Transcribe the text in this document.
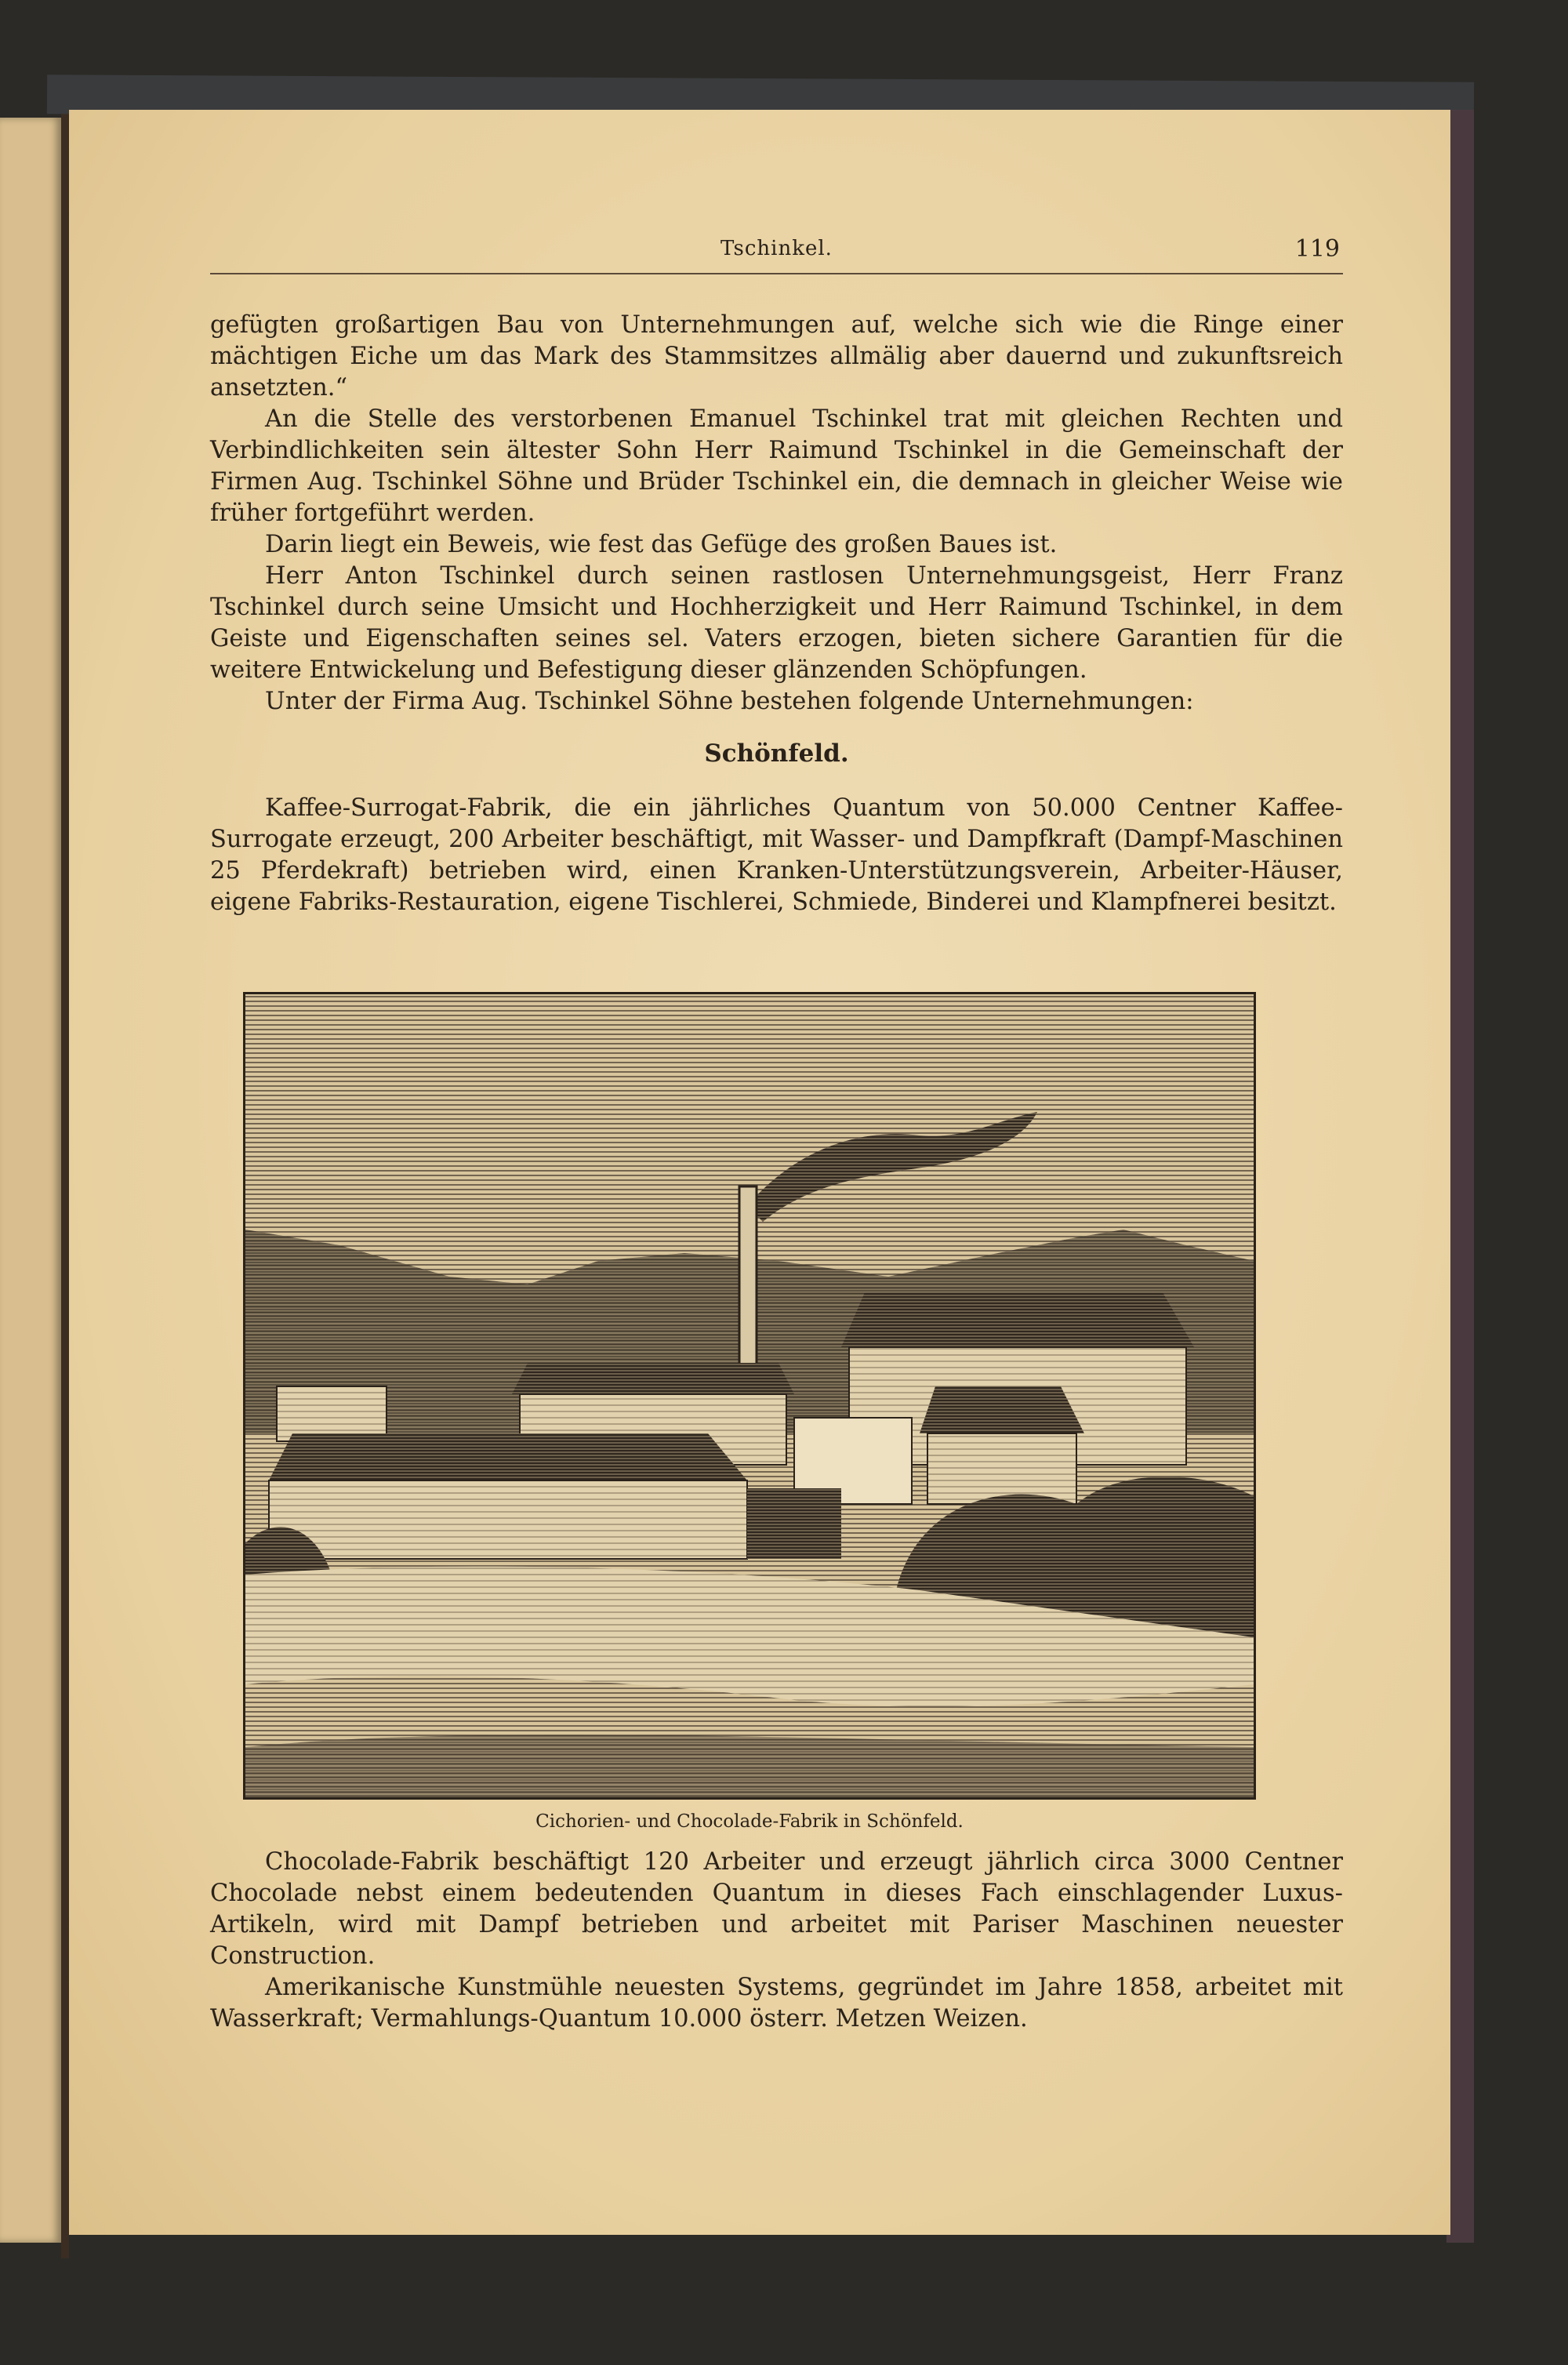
Tschinkel.	119

gefügten großartigen Bau von Unternehmungen auf, welche sich wie die Ringe einer mächtigen Eiche um das Mark des Stammsitzes allmälig aber dauernd und zukunftsreich ansetzten.“

An die Stelle des verstorbenen Emanuel Tschinkel trat mit gleichen Rechten und Verbindlichkeiten sein ältester Sohn Herr Raimund Tschinkel in die Gemeinschaft der Firmen Aug. Tschinkel Söhne und Brüder Tschinkel ein, die demnach in gleicher Weise wie früher fortgeführt werden.

Darin liegt ein Beweis, wie fest das Gefüge des großen Baues ist.

Herr Anton Tschinkel durch seinen rastlosen Unternehmungsgeist, Herr Franz Tschinkel durch seine Umsicht und Hochherzigkeit und Herr Raimund Tschinkel, in dem Geiste und Eigenschaften seines sel. Vaters erzogen, bieten sichere Garantien für die weitere Entwickelung und Befestigung dieser glänzenden Schöpfungen.

Unter der Firma Aug. Tschinkel Söhne bestehen folgende Unternehmungen:

Schönfeld.

Kaffee-Surrogat-Fabrik, die ein jährliches Quantum von 50.000 Centner Kaffee-Surrogate erzeugt, 200 Arbeiter beschäftigt, mit Wasser- und Dampfkraft (Dampf-Maschinen 25 Pferdekraft) betrieben wird, einen Kranken-Unterstützungsverein, Arbeiter-Häuser, eigene Fabriks-Restauration, eigene Tischlerei, Schmiede, Binderei und Klampfnerei besitzt.

Cichorien- und Chocolade-Fabrik in Schönfeld.

Chocolade-Fabrik beschäftigt 120 Arbeiter und erzeugt jährlich circa 3000 Centner Chocolade nebst einem bedeutenden Quantum in dieses Fach einschlagender Luxus-Artikeln, wird mit Dampf betrieben und arbeitet mit Pariser Maschinen neuester Construction.

Amerikanische Kunstmühle neuesten Systems, gegründet im Jahre 1858, arbeitet mit Wasserkraft; Vermahlungs-Quantum 10.000 österr. Metzen Weizen.
